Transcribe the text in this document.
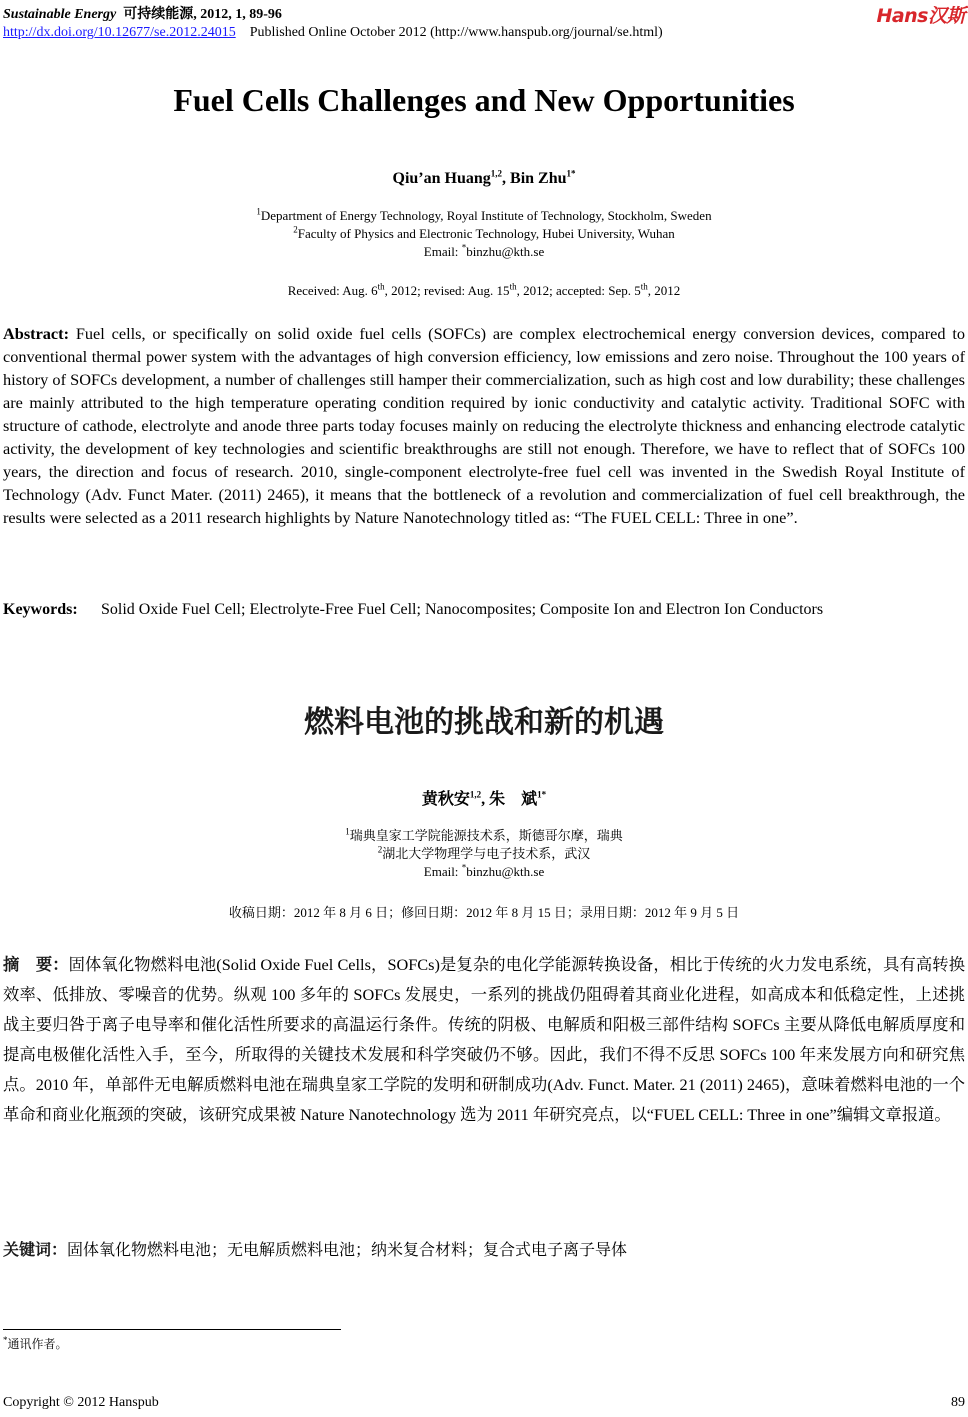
Sustainable Energy 可持续能源, 2012, 1, 89-96
http://dx.doi.org/10.12677/se.2012.24015 Published Online October 2012 (http://www.hanspub.org/journal/se.html)
Hans汉斯
Fuel Cells Challenges and New Opportunities
Qiu’an Huang$^{1,2}$, Bin Zhu$^{1*}$
$^1$Department of Energy Technology, Royal Institute of Technology, Stockholm, Sweden
$^2$Faculty of Physics and Electronic Technology, Hubei University, Wuhan
Email: *binzhu@kth.se
Received: Aug. 6th, 2012; revised: Aug. 15th, 2012; accepted: Sep. 5th, 2012
Abstract: Fuel cells, or specifically on solid oxide fuel cells (SOFCs) are complex electrochemical energy conversion devices, compared to conventional thermal power system with the advantages of high conversion efficiency, low emissions and zero noise. Throughout the 100 years of history of SOFCs development, a number of challenges still hamper their commercialization, such as high cost and low durability; these challenges are mainly attributed to the high temperature operating condition required by ionic conductivity and catalytic activity. Traditional SOFC with structure of cathode, electrolyte and anode three parts today focuses mainly on reducing the electrolyte thickness and enhancing electrode catalytic activity, the development of key technologies and scientific breakthroughs are still not enough. Therefore, we have to reflect that of SOFCs 100 years, the direction and focus of research. 2010, single-component electrolyte-free fuel cell was invented in the Swedish Royal Institute of Technology (Adv. Funct Mater. (2011) 2465), it means that the bottleneck of a revolution and commercialization of fuel cell breakthrough, the results were selected as a 2011 research highlights by Nature Nanotechnology titled as: “The FUEL CELL: Three in one”.
Keywords: Solid Oxide Fuel Cell; Electrolyte-Free Fuel Cell; Nanocomposites; Composite Ion and Electron Ion Conductors
燃料电池的挑战和新的机遇
黄秋安$^{1,2}$, 朱　斌$^{1*}$
$^1$瑞典皇家工学院能源技术系，斯德哥尔摩，瑞典
$^2$湖北大学物理学与电子技术系，武汉
Email: *binzhu@kth.se
收稿日期：2012 年 8 月 6 日；修回日期：2012 年 8 月 15 日；录用日期：2012 年 9 月 5 日
摘　要：固体氧化物燃料电池(Solid Oxide Fuel Cells，SOFCs)是复杂的电化学能源转换设备，相比于传统的火力发电系统，具有高转换效率、低排放、零噪音的优势。纵观 100 多年的 SOFCs 发展史，一系列的挑战仍阻碍着其商业化进程，如高成本和低稳定性，上述挑战主要归咎于离子电导率和催化活性所要求的高温运行条件。传统的阴极、电解质和阳极三部件结构 SOFCs 主要从降低电解质厚度和提高电极催化活性入手，至今，所取得的关键技术发展和科学突破仍不够。因此，我们不得不反思 SOFCs 100 年来发展方向和研究焦点。2010 年，单部件无电解质燃料电池在瑞典皇家工学院的发明和研制成功(Adv. Funct. Mater. 21 (2011) 2465)，意味着燃料电池的一个革命和商业化瓶颈的突破，该研究成果被 Nature Nanotechnology 选为 2011 年研究亮点，以“FUEL CELL: Three in one”编辑文章报道。
关键词：固体氧化物燃料电池；无电解质燃料电池；纳米复合材料；复合式电子离子导体
*通讯作者。
Copyright © 2012 Hanspub	89
